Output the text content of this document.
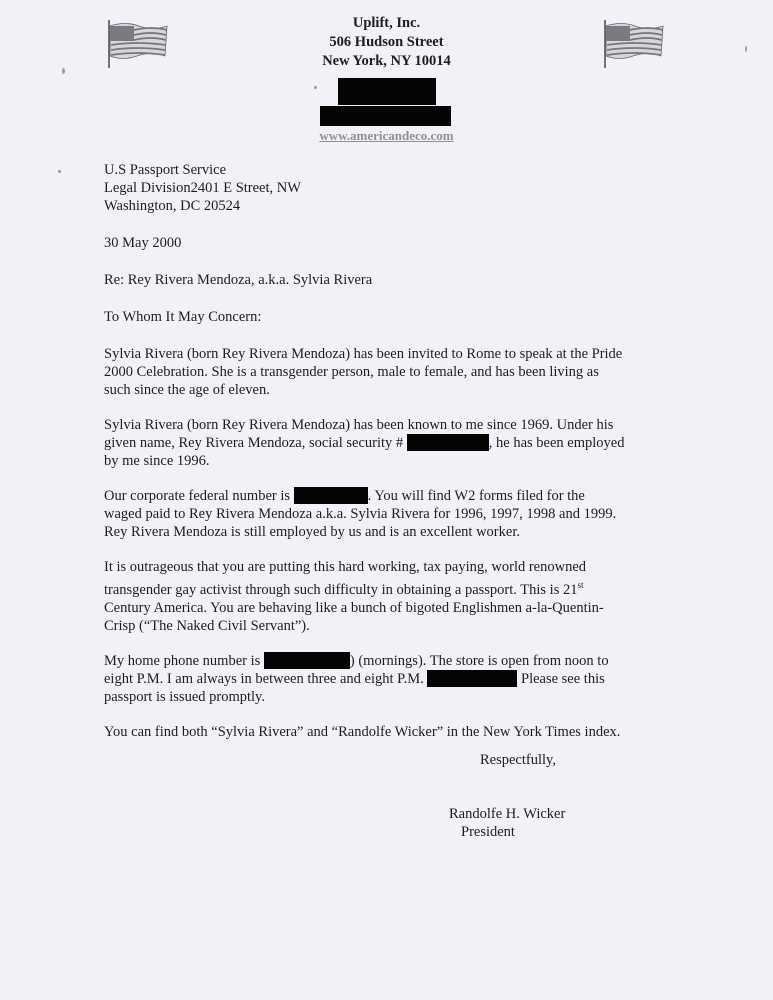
Uplift, Inc.
506 Hudson Street
New York, NY 10014
www.americandeco.com
U.S Passport Service
Legal Division2401 E Street, NW
Washington, DC 20524
30 May 2000
Re: Rey Rivera Mendoza, a.k.a. Sylvia Rivera
To Whom It May Concern:
Sylvia Rivera (born Rey Rivera Mendoza) has been invited to Rome to speak at the Pride
2000 Celebration. She is a transgender person, male to female, and has been living as
such since the age of eleven.
Sylvia Rivera (born Rey Rivera Mendoza) has been known to me since 1969. Under his
given name, Rey Rivera Mendoza, social security #	, he has been employed
by me since 1996.
Our corporate federal number is	. You will find W2 forms filed for the
waged paid to Rey Rivera Mendoza a.k.a. Sylvia Rivera for 1996, 1997, 1998 and 1999.
Rey Rivera Mendoza is still employed by us and is an excellent worker.
It is outrageous that you are putting this hard working, tax paying, world renowned
transgender gay activist through such difficulty in obtaining a passport. This is 21st
Century America. You are behaving like a bunch of bigoted Englishmen a-la-Quentin-
Crisp (“The Naked Civil Servant”).
My home phone number is	) (mornings). The store is open from noon to
eight P.M. I am always in between three and eight P.M.	Please see this
passport is issued promptly.
You can find both “Sylvia Rivera” and “Randolfe Wicker” in the New York Times index.
Respectfully,
Randolfe H. Wicker
President
